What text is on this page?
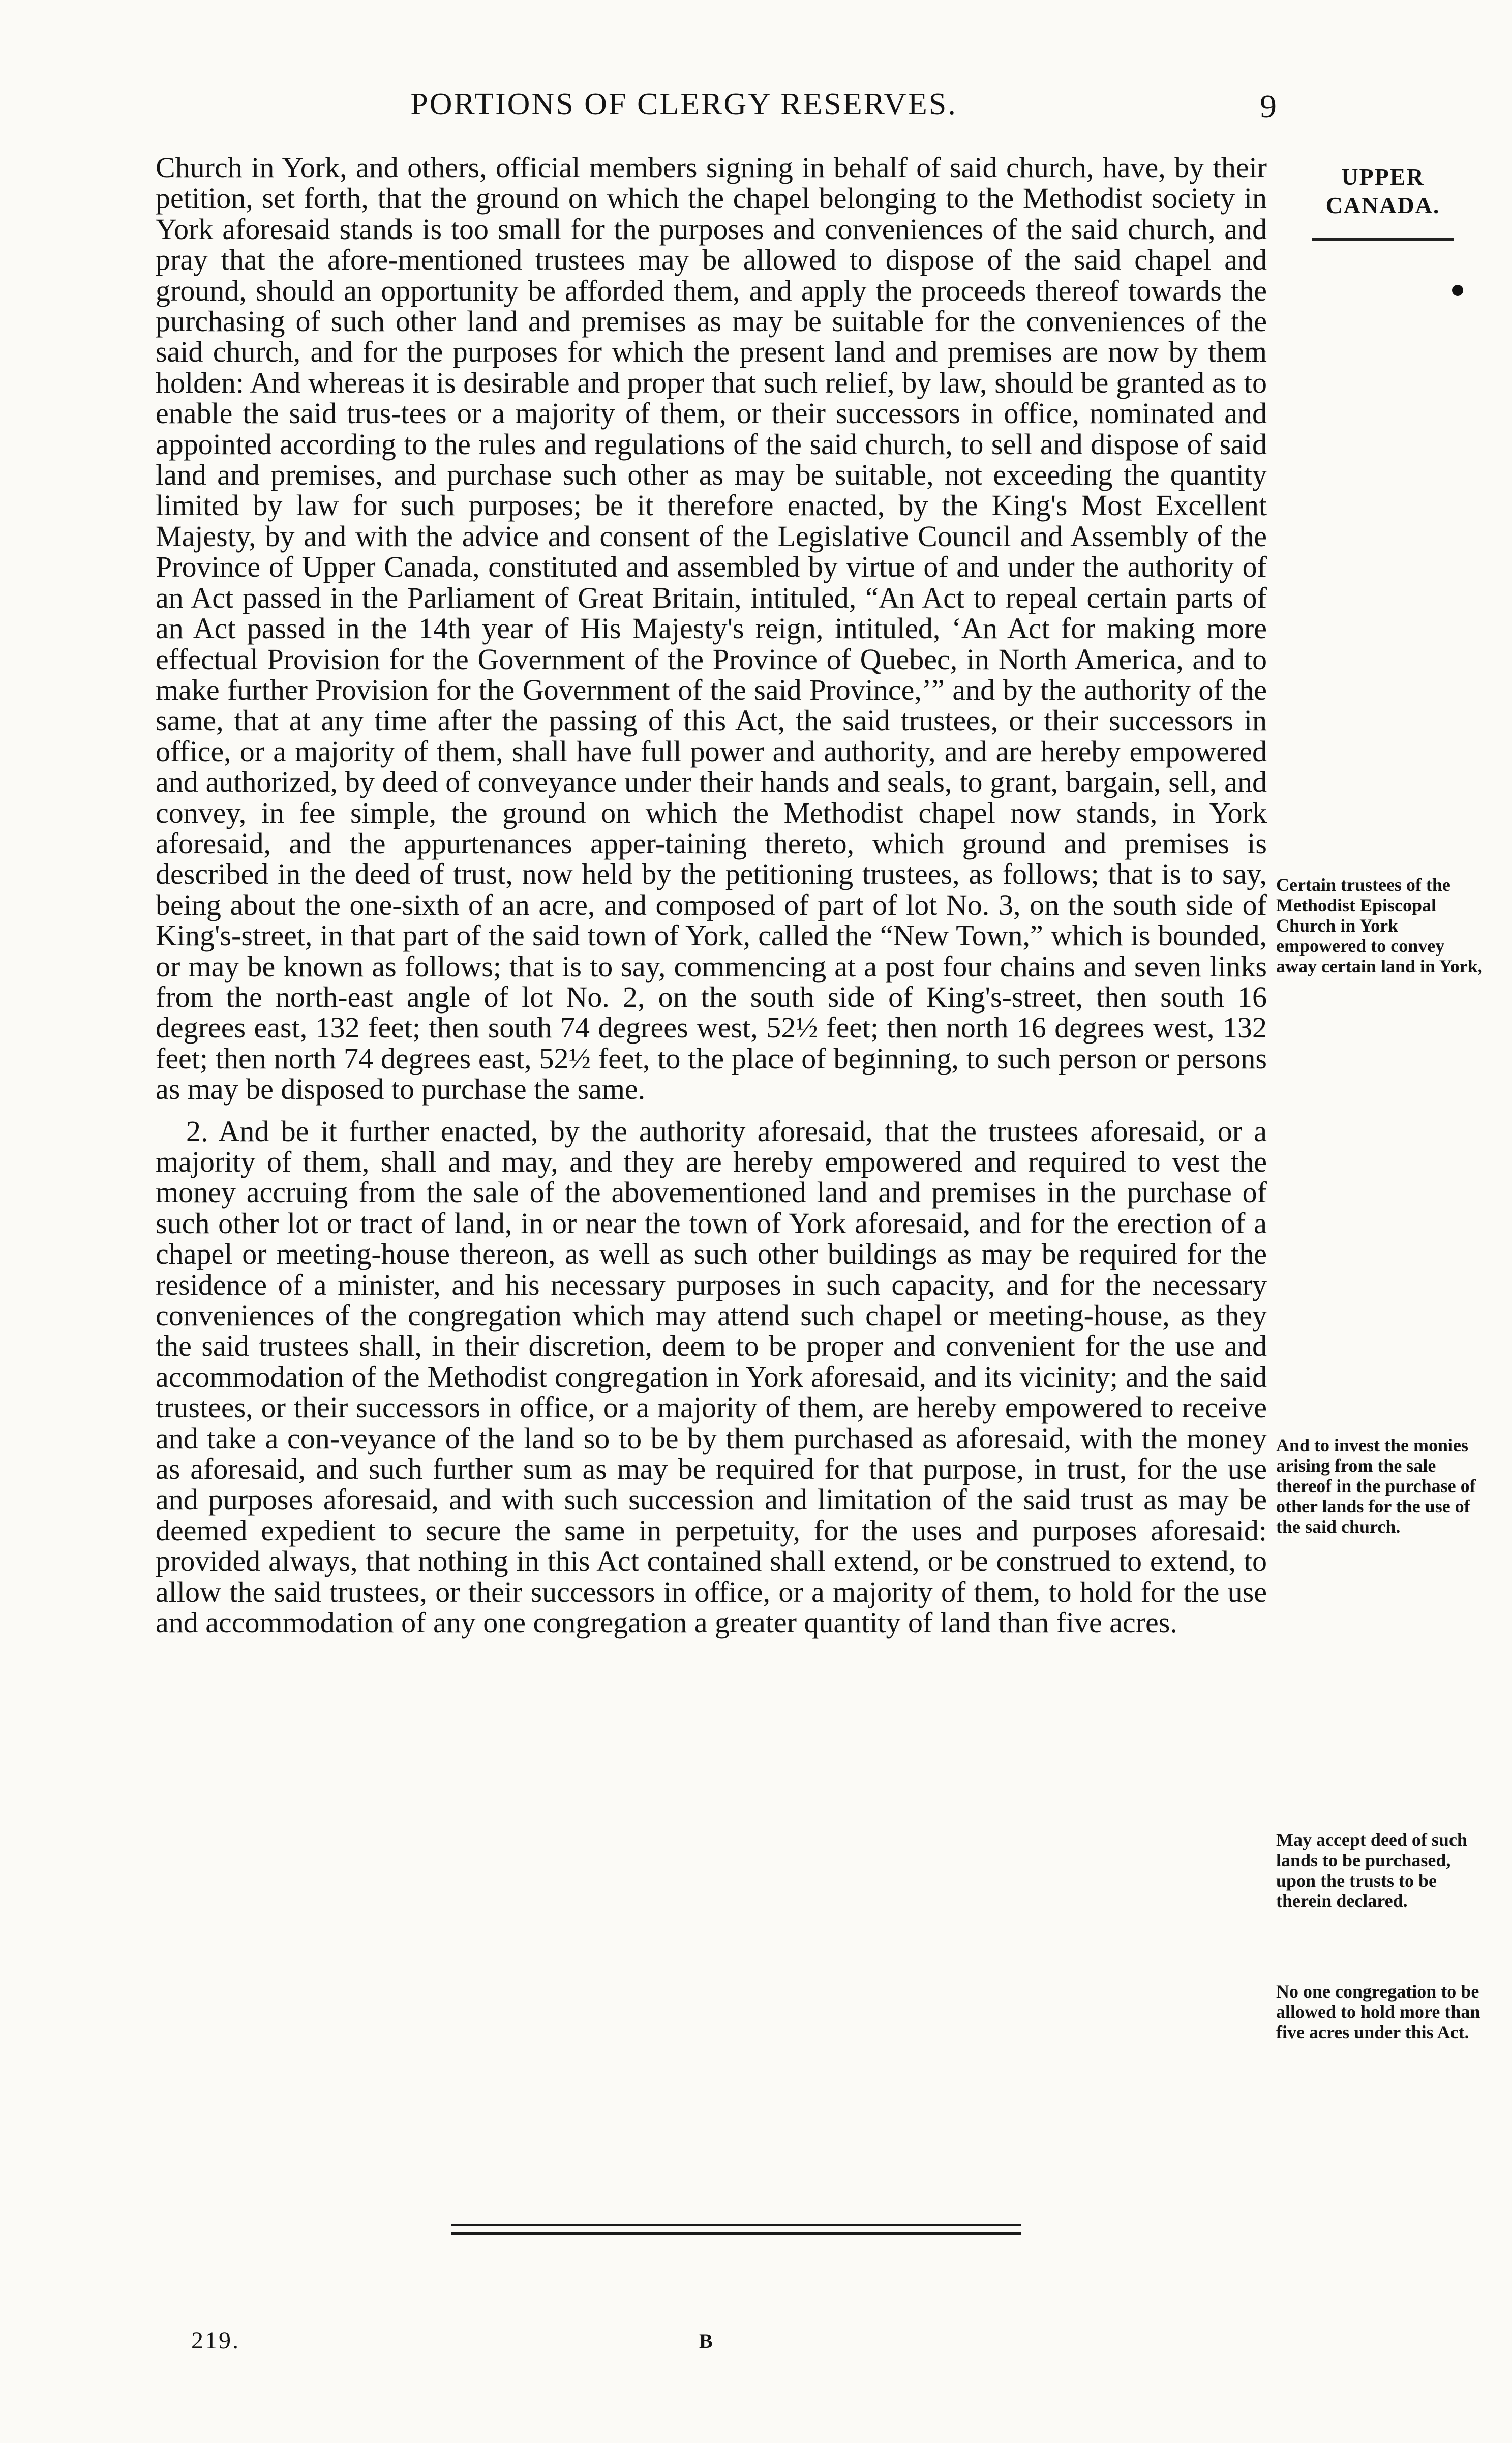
PORTIONS OF CLERGY RESERVES.	9
UPPER
CANADA.

Church in York, and others, official members signing in behalf of said church, have, by their petition, set forth, that the ground on which the chapel belonging to the Methodist society in York aforesaid stands is too small for the purposes and conveniences of the said church, and pray that the afore-mentioned trustees may be allowed to dispose of the said chapel and ground, should an opportunity be afforded them, and apply the proceeds thereof towards the purchasing of such other land and premises as may be suitable for the conveniences of the said church, and for the purposes for which the present land and premises are now by them holden: And whereas it is desirable and proper that such relief, by law, should be granted as to enable the said trus-tees or a majority of them, or their successors in office, nominated and appointed according to the rules and regulations of the said church, to sell and dispose of said land and premises, and purchase such other as may be suitable, not exceeding the quantity limited by law for such purposes; be it therefore enacted, by the King's Most Excellent Majesty, by and with the advice and consent of the Legislative Council and Assembly of the Province of Upper Canada, constituted and assembled by virtue of and under the authority of an Act passed in the Parliament of Great Britain, intituled, “An Act to repeal certain parts of an Act passed in the 14th year of His Majesty's reign, intituled, ‘An Act for making more effectual Provision for the Government of the Province of Quebec, in North America, and to make further Provision for the Government of the said Province,’” and by the authority of the same, that at any time after the passing of this Act, the said trustees, or their successors in office, or a majority of them, shall have full power and authority, and are hereby empowered and authorized, by deed of conveyance under their hands and seals, to grant, bargain, sell, and convey, in fee simple, the ground on which the Methodist chapel now stands, in York aforesaid, and the appurtenances apper-taining thereto, which ground and premises is described in the deed of trust, now held by the petitioning trustees, as follows; that is to say, being about the one-sixth of an acre, and composed of part of lot No. 3, on the south side of King's-street, in that part of the said town of York, called the “New Town,” which is bounded, or may be known as follows; that is to say, commencing at a post four chains and seven links from the north-east angle of lot No. 2, on the south side of King's-street, then south 16 degrees east, 132 feet; then south 74 degrees west, 52½ feet; then north 16 degrees west, 132 feet; then north 74 degrees east, 52½ feet, to the place of beginning, to such person or persons as may be disposed to purchase the same.

2. And be it further enacted, by the authority aforesaid, that the trustees aforesaid, or a majority of them, shall and may, and they are hereby empowered and required to vest the money accruing from the sale of the abovementioned land and premises in the purchase of such other lot or tract of land, in or near the town of York aforesaid, and for the erection of a chapel or meeting-house thereon, as well as such other buildings as may be required for the residence of a minister, and his necessary purposes in such capacity, and for the necessary conveniences of the congregation which may attend such chapel or meeting-house, as they the said trustees shall, in their discretion, deem to be proper and convenient for the use and accommodation of the Methodist congregation in York aforesaid, and its vicinity; and the said trustees, or their successors in office, or a majority of them, are hereby empowered to receive and take a con-veyance of the land so to be by them purchased as aforesaid, with the money as aforesaid, and such further sum as may be required for that purpose, in trust, for the use and purposes aforesaid, and with such succession and limitation of the said trust as may be deemed expedient to secure the same in perpetuity, for the uses and purposes aforesaid: provided always, that nothing in this Act contained shall extend, or be construed to extend, to allow the said trustees, or their successors in office, or a majority of them, to hold for the use and accommodation of any one congregation a greater quantity of land than five acres.

Certain trustees of the Methodist Episcopal Church in York empowered to convey away certain land in York,
And to invest the monies arising from the sale thereof in the purchase of other lands for the use of the said church.
May accept deed of such lands to be purchased, upon the trusts to be therein declared.
No one congregation to be allowed to hold more than five acres under this Act.
219.	B
